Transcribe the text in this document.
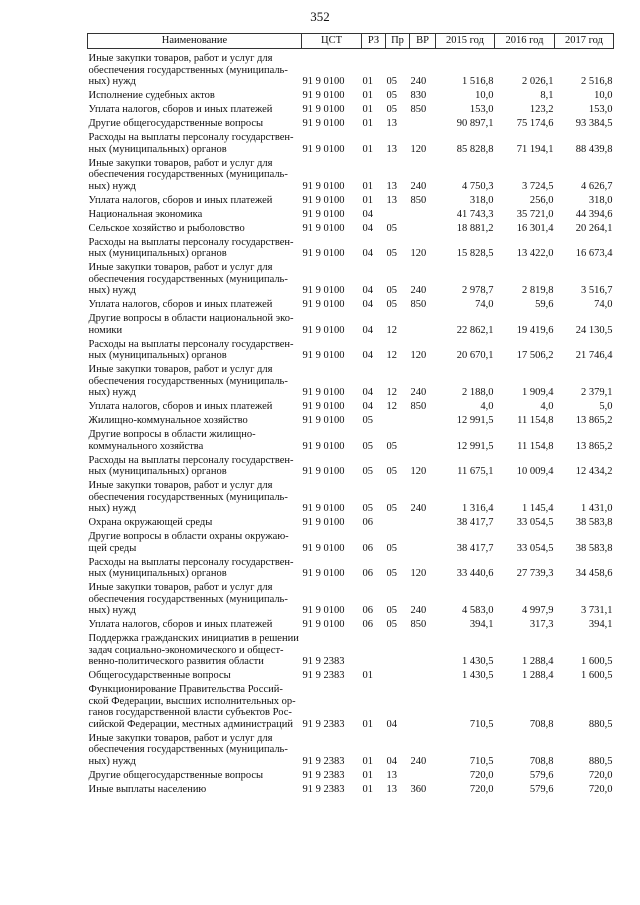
352
Наименование	ЦСТ	РЗ	Пр	ВР	2015 год	2016 год	2017 год
Иные закупки товаров, работ и услуг для обеспечения государственных (муниципаль- ных) нужд	91 9 0100	01	05	240	1 516,8	2 026,1	2 516,8
Исполнение судебных актов	91 9 0100	01	05	830	10,0	8,1	10,0
Уплата налогов, сборов и иных платежей	91 9 0100	01	05	850	153,0	123,2	153,0
Другие общегосударственные вопросы	91 9 0100	01	13		90 897,1	75 174,6	93 384,5
Расходы на выплаты персоналу государствен- ных (муниципальных) органов	91 9 0100	01	13	120	85 828,8	71 194,1	88 439,8
Иные закупки товаров, работ и услуг для обеспечения государственных (муниципаль- ных) нужд	91 9 0100	01	13	240	4 750,3	3 724,5	4 626,7
Уплата налогов, сборов и иных платежей	91 9 0100	01	13	850	318,0	256,0	318,0
Национальная экономика	91 9 0100	04			41 743,3	35 721,0	44 394,6
Сельское хозяйство и рыболовство	91 9 0100	04	05		18 881,2	16 301,4	20 264,1
Расходы на выплаты персоналу государствен- ных (муниципальных) органов	91 9 0100	04	05	120	15 828,5	13 422,0	16 673,4
Иные закупки товаров, работ и услуг для обеспечения государственных (муниципаль- ных) нужд	91 9 0100	04	05	240	2 978,7	2 819,8	3 516,7
Уплата налогов, сборов и иных платежей	91 9 0100	04	05	850	74,0	59,6	74,0
Другие вопросы в области национальной эко- номики	91 9 0100	04	12		22 862,1	19 419,6	24 130,5
Расходы на выплаты персоналу государствен- ных (муниципальных) органов	91 9 0100	04	12	120	20 670,1	17 506,2	21 746,4
Иные закупки товаров, работ и услуг для обеспечения государственных (муниципаль- ных) нужд	91 9 0100	04	12	240	2 188,0	1 909,4	2 379,1
Уплата налогов, сборов и иных платежей	91 9 0100	04	12	850	4,0	4,0	5,0
Жилищно-коммунальное хозяйство	91 9 0100	05			12 991,5	11 154,8	13 865,2
Другие вопросы в области жилищно- коммунального хозяйства	91 9 0100	05	05		12 991,5	11 154,8	13 865,2
Расходы на выплаты персоналу государствен- ных (муниципальных) органов	91 9 0100	05	05	120	11 675,1	10 009,4	12 434,2
Иные закупки товаров, работ и услуг для обеспечения государственных (муниципаль- ных) нужд	91 9 0100	05	05	240	1 316,4	1 145,4	1 431,0
Охрана окружающей среды	91 9 0100	06			38 417,7	33 054,5	38 583,8
Другие вопросы в области охраны окружаю- щей среды	91 9 0100	06	05		38 417,7	33 054,5	38 583,8
Расходы на выплаты персоналу государствен- ных (муниципальных) органов	91 9 0100	06	05	120	33 440,6	27 739,3	34 458,6
Иные закупки товаров, работ и услуг для обеспечения государственных (муниципаль- ных) нужд	91 9 0100	06	05	240	4 583,0	4 997,9	3 731,1
Уплата налогов, сборов и иных платежей	91 9 0100	06	05	850	394,1	317,3	394,1
Поддержка гражданских инициатив в решении задач социально-экономического и общест- венно-политического развития области	91 9 2383				1 430,5	1 288,4	1 600,5
Общегосударственные вопросы	91 9 2383	01			1 430,5	1 288,4	1 600,5
Функционирование Правительства Россий- ской Федерации, высших исполнительных ор- ганов государственной власти субъектов Рос- сийской Федерации, местных администраций	91 9 2383	01	04		710,5	708,8	880,5
Иные закупки товаров, работ и услуг для обеспечения государственных (муниципаль- ных) нужд	91 9 2383	01	04	240	710,5	708,8	880,5
Другие общегосударственные вопросы	91 9 2383	01	13		720,0	579,6	720,0
Иные выплаты населению	91 9 2383	01	13	360	720,0	579,6	720,0
